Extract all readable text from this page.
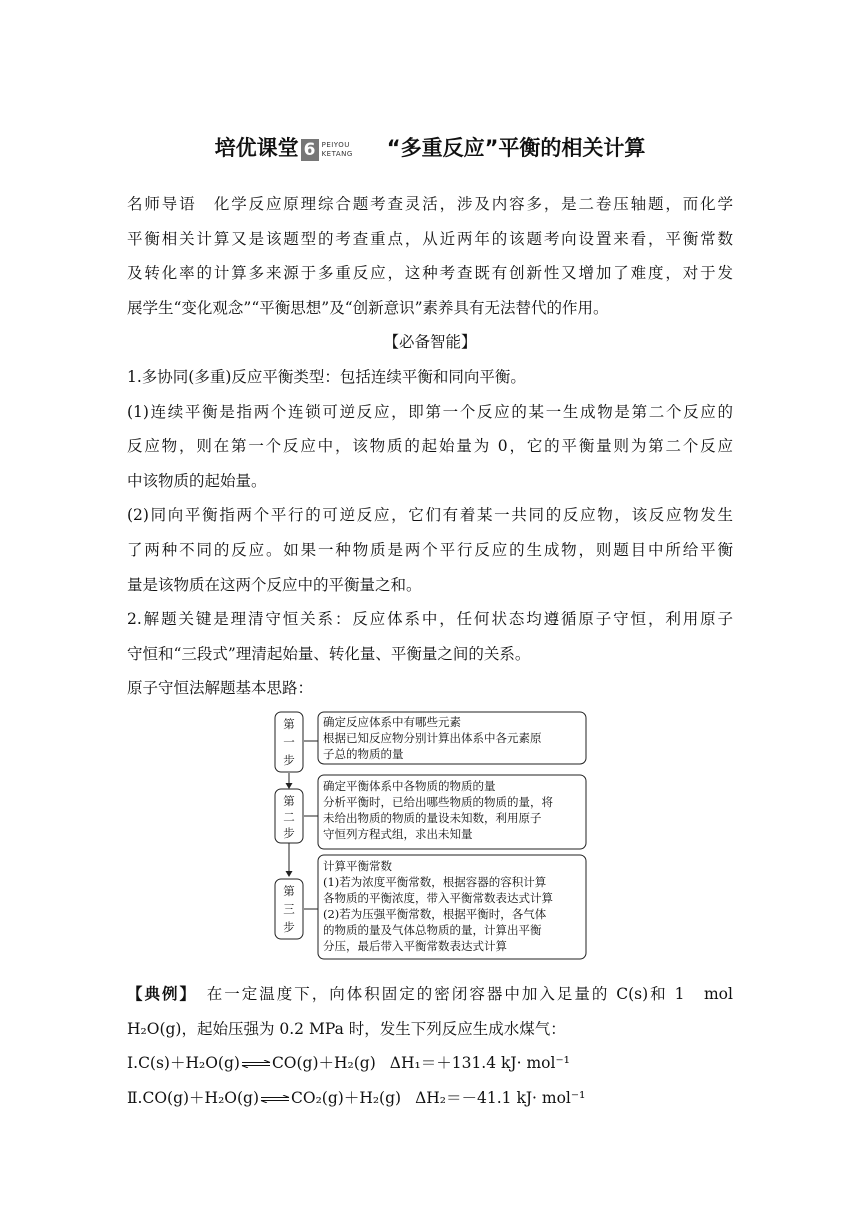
培优课堂 6 PEIYOU
KETANG “多重反应”平衡的相关计算

名师导语　化学反应原理综合题考查灵活，涉及内容多，是二卷压轴题，而化学

平衡相关计算又是该题型的考查重点，从近两年的该题考向设置来看，平衡常数

及转化率的计算多来源于多重反应，这种考查既有创新性又增加了难度，对于发

展学生“变化观念”“平衡思想”及“创新意识”素养具有无法替代的作用。

【必备智能】

1.多协同(多重)反应平衡类型：包括连续平衡和同向平衡。

(1)连续平衡是指两个连锁可逆反应，即第一个反应的某一生成物是第二个反应的

反应物，则在第一个反应中，该物质的起始量为 0，它的平衡量则为第二个反应

中该物质的起始量。

(2)同向平衡指两个平行的可逆反应，它们有着某一共同的反应物，该反应物发生

了两种不同的反应。如果一种物质是两个平行反应的生成物，则题目中所给平衡

量是该物质在这两个反应中的平衡量之和。

2.解题关键是理清守恒关系：反应体系中，任何状态均遵循原子守恒，利用原子

守恒和“三段式”理清起始量、转化量、平衡量之间的关系。

原子守恒法解题基本思路：

第
一
步
确定反应体系中有哪些元素
根据已知反应物分别计算出体系中各元素原
子总的物质的量
第
二
步
确定平衡体系中各物质的物质的量
分析平衡时，已给出哪些物质的物质的量，将
未给出物质的物质的量设未知数，利用原子
守恒列方程式组，求出未知量
第
三
步
计算平衡常数
(1)若为浓度平衡常数，根据容器的容积计算
各物质的平衡浓度，带入平衡常数表达式计算
(2)若为压强平衡常数，根据平衡时，各气体
的物质的量及气体总物质的量，计算出平衡
分压，最后带入平衡常数表达式计算

【典例】　在一定温度下，向体积固定的密闭容器中加入足量的 C(s)和 1　mol

H₂O(g)，起始压强为 0.2 MPa 时，发生下列反应生成水煤气：

Ⅰ.C(s)＋H₂O(g)⇌CO(g)＋H₂(g) ΔH₁＝＋131.4 kJ· mol⁻¹

Ⅱ.CO(g)＋H₂O(g)⇌CO₂(g)＋H₂(g) ΔH₂＝－41.1 kJ· mol⁻¹
